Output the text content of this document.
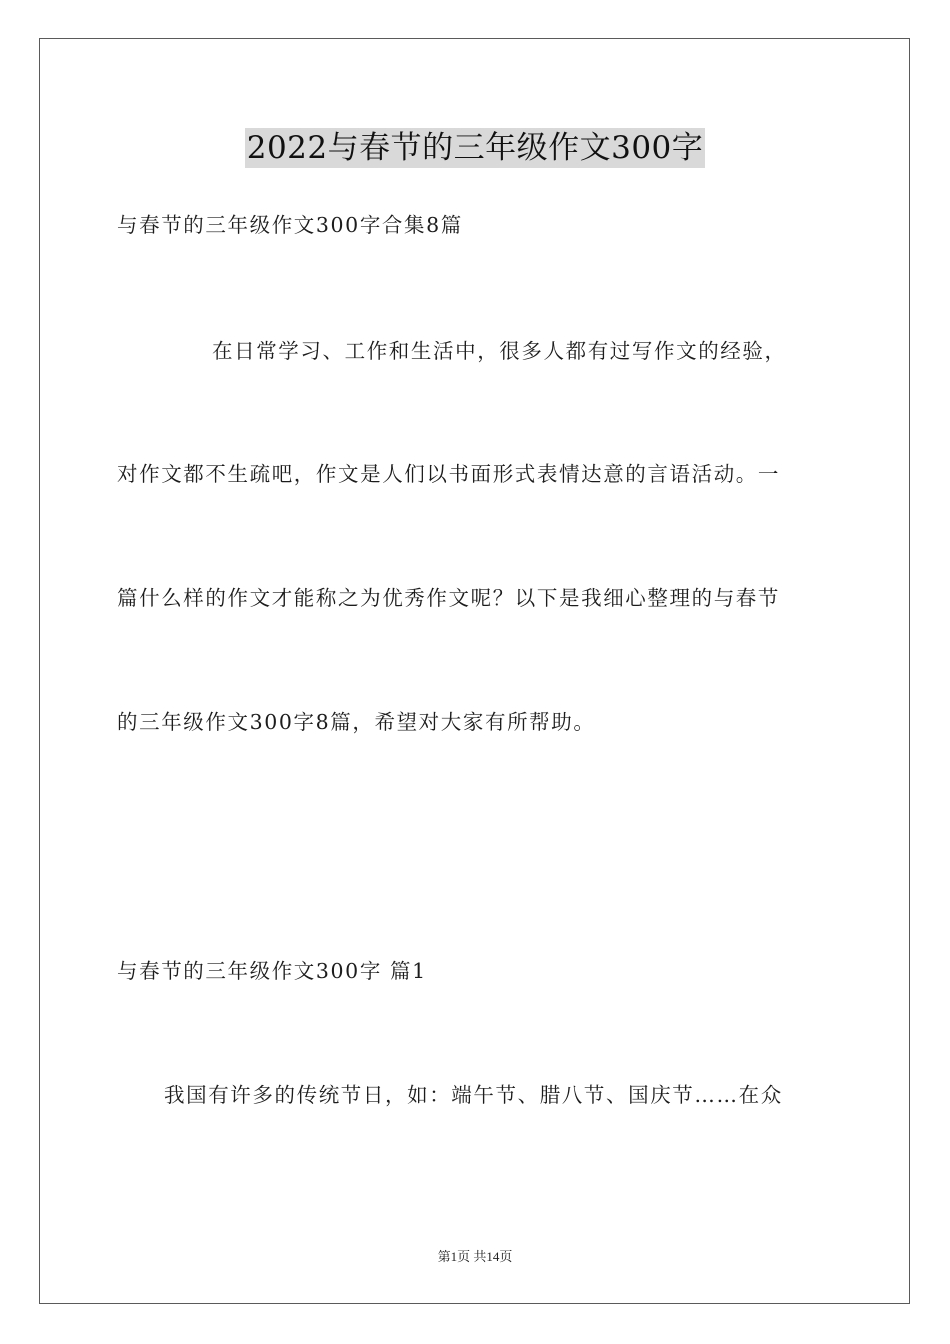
2022与春节的三年级作文300字
与春节的三年级作文300字合集8篇
在日常学习、工作和生活中，很多人都有过写作文的经验，
对作文都不生疏吧，作文是人们以书面形式表情达意的言语活动。一
篇什么样的作文才能称之为优秀作文呢？以下是我细心整理的与春节
的三年级作文300字8篇，希望对大家有所帮助。
与春节的三年级作文300字 篇1
我国有许多的传统节日，如：端午节、腊八节、国庆节……在众
第1页 共14页
